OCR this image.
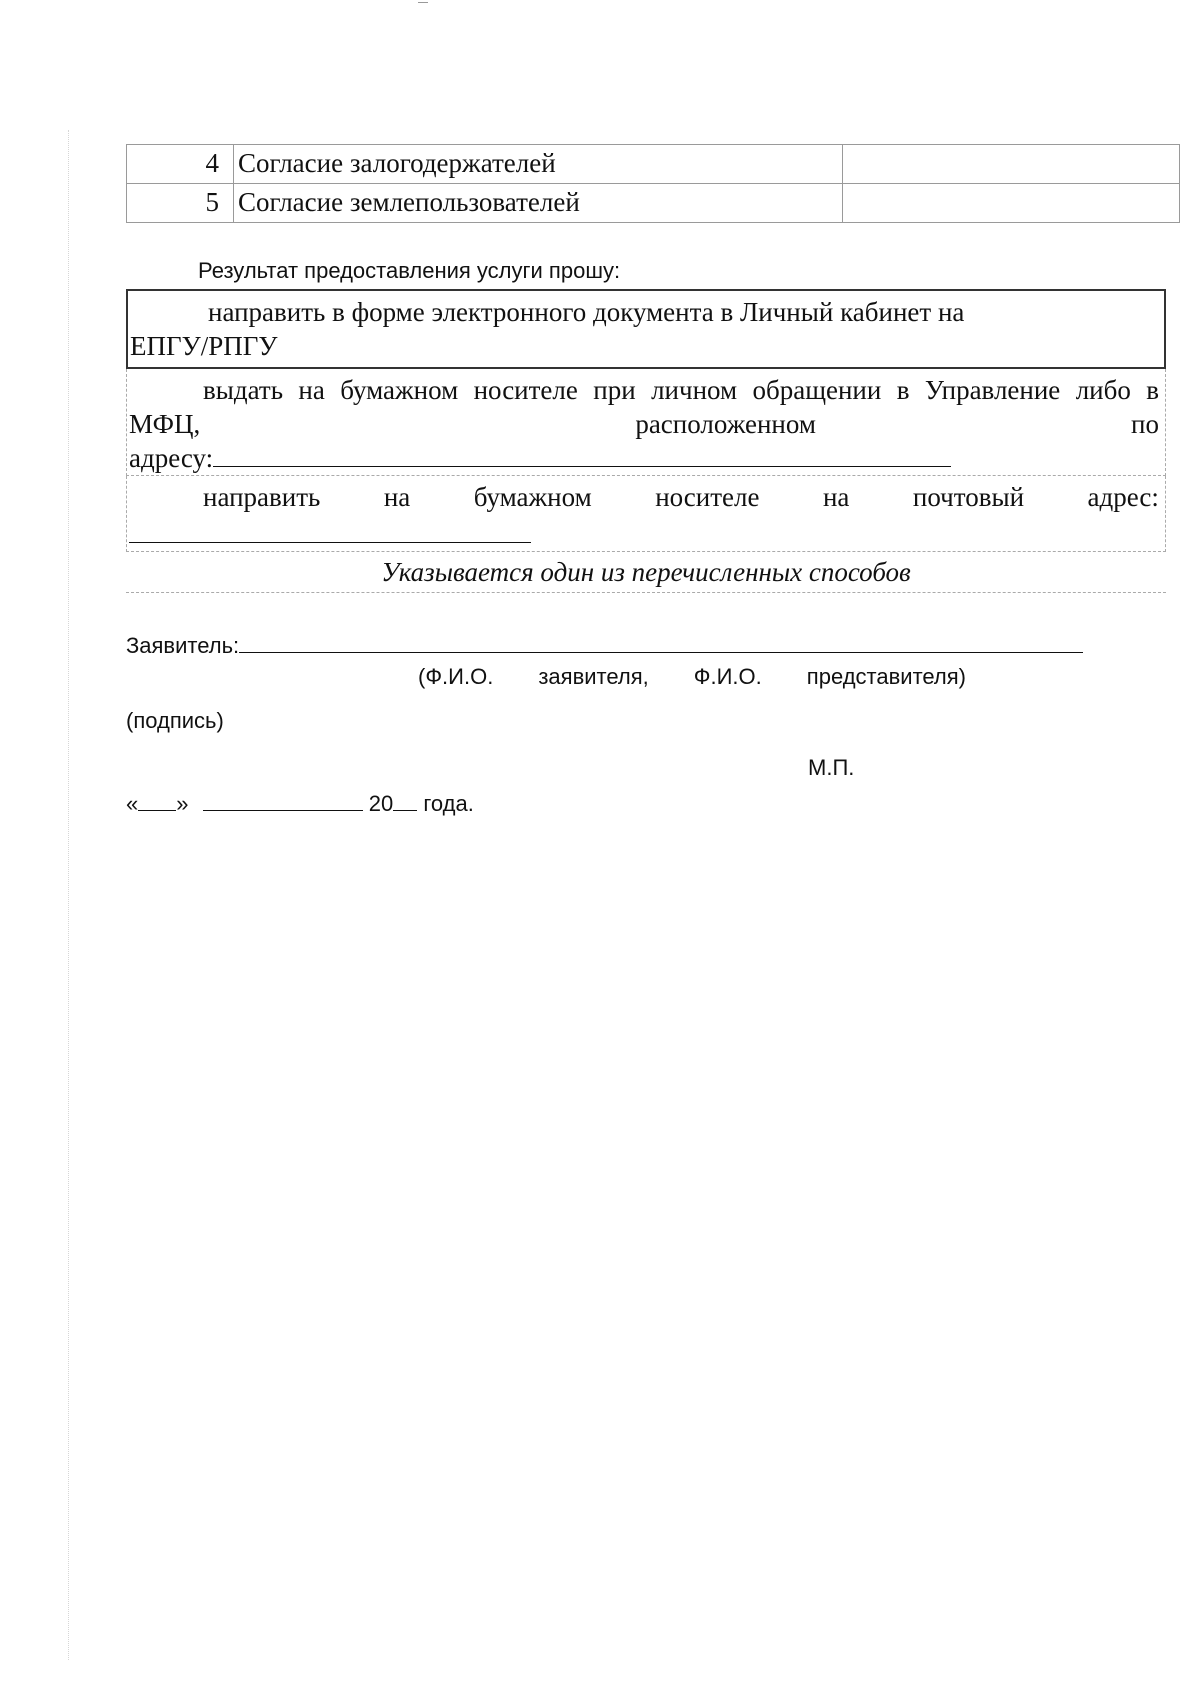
4	Согласие залогодержателей	
5	Согласие землепользователей	
Результат предоставления услуги прошу:
направить в форме электронного документа в Личный кабинет на
ЕПГУ/РПГУ
выдать на бумажном носителе при личном обращении в Управление либо в
МФЦ,	расположенном	по
адресу:
направить на бумажном носителе на почтовый адрес:
Указывается один из перечисленных способов
Заявитель:
(Ф.И.О. заявителя, Ф.И.О. представителя)
(подпись)
М.П.
« »	20 года.
